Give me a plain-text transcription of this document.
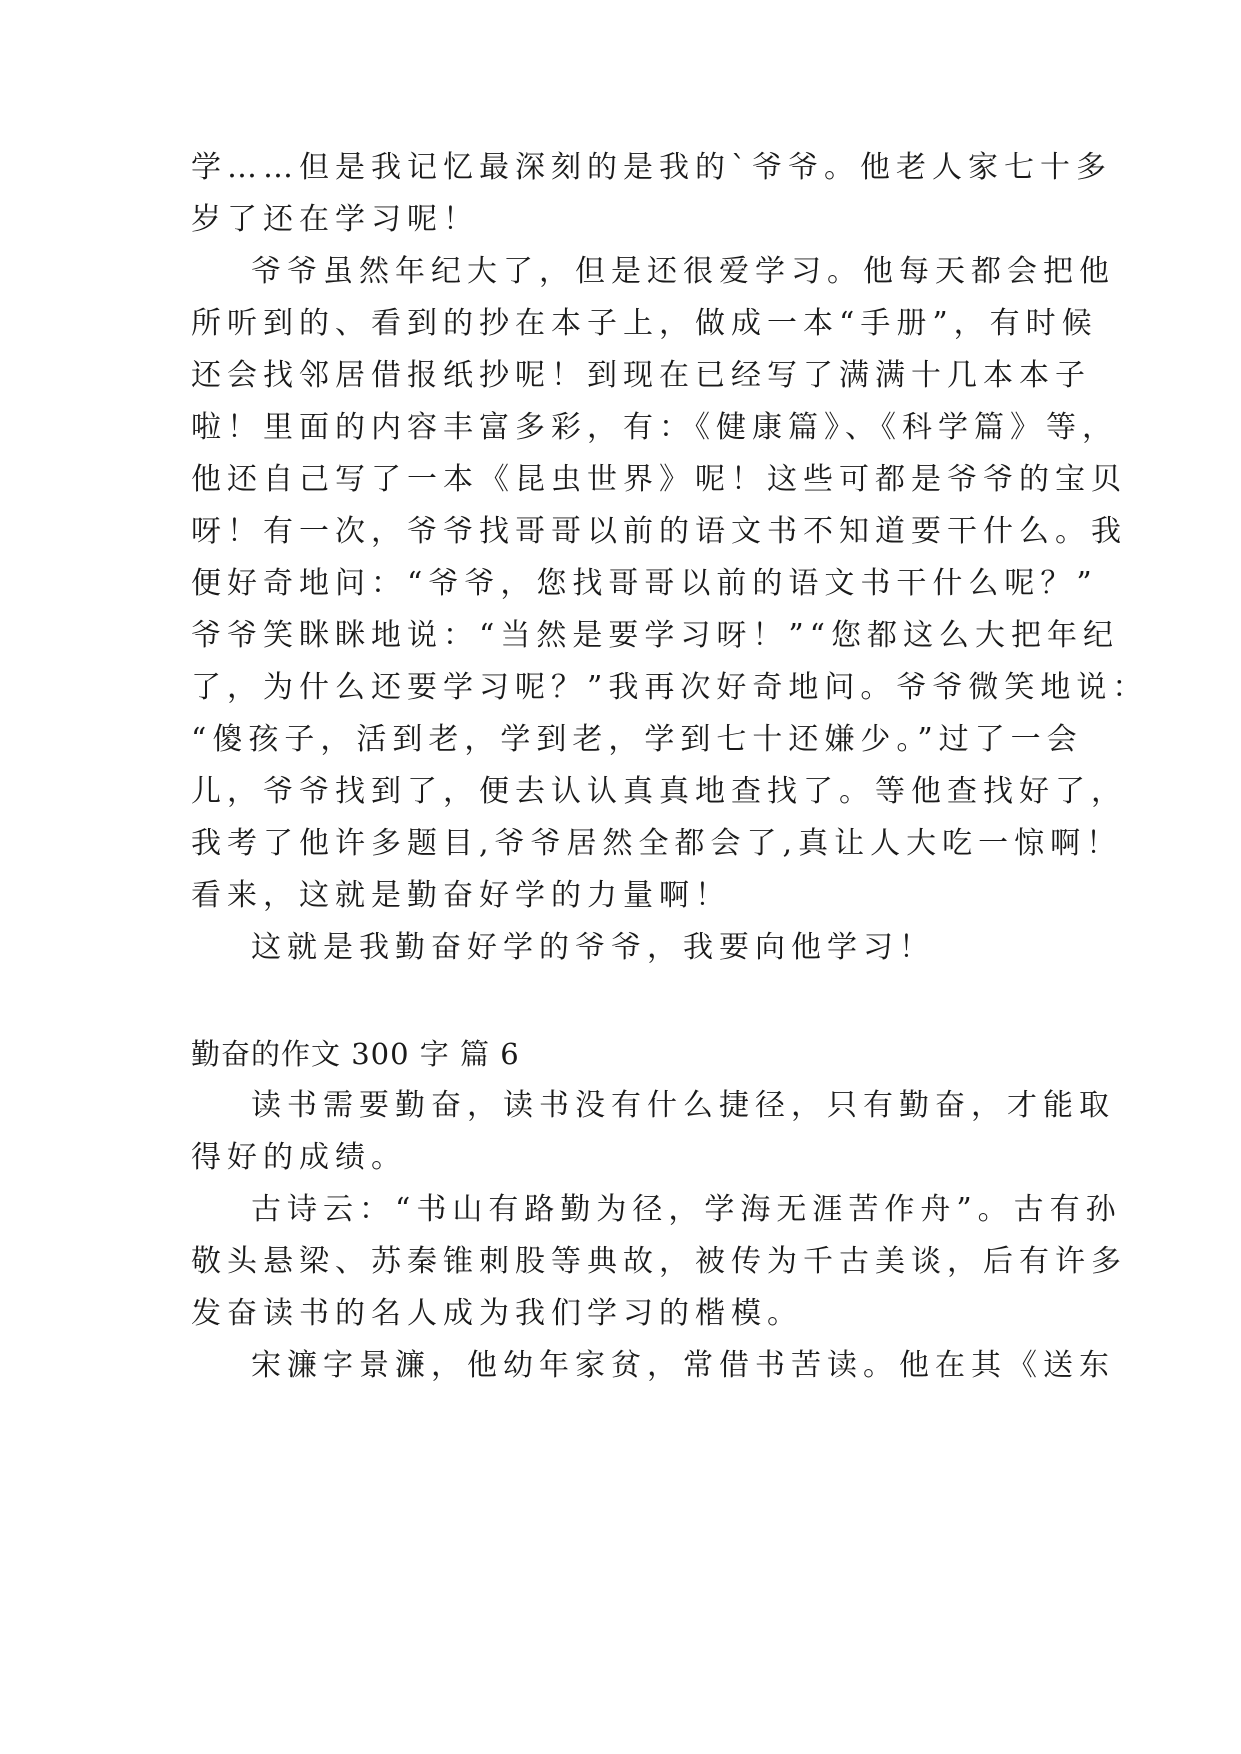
学……但是我记忆最深刻的是我的`爷爷。他老人家七十多

岁了还在学习呢！

爷爷虽然年纪大了，但是还很爱学习。他每天都会把他

所听到的、看到的抄在本子上，做成一本“手册”，有时候

还会找邻居借报纸抄呢！到现在已经写了满满十几本本子

啦！里面的内容丰富多彩，有：《健康篇》、《科学篇》等，

他还自己写了一本《昆虫世界》呢！这些可都是爷爷的宝贝

呀！有一次，爷爷找哥哥以前的语文书不知道要干什么。我

便好奇地问：“爷爷，您找哥哥以前的语文书干什么呢？”

爷爷笑眯眯地说：“当然是要学习呀！”“您都这么大把年纪

了，为什么还要学习呢？”我再次好奇地问。爷爷微笑地说：

“傻孩子，活到老，学到老，学到七十还嫌少。”过了一会

儿，爷爷找到了，便去认认真真地查找了。等他查找好了，

我考了他许多题目,爷爷居然全都会了,真让人大吃一惊啊！

看来，这就是勤奋好学的力量啊！

这就是我勤奋好学的爷爷，我要向他学习！

勤奋的作文 300 字 篇 6

读书需要勤奋，读书没有什么捷径，只有勤奋，才能取

得好的成绩。

古诗云：“书山有路勤为径，学海无涯苦作舟”。古有孙

敬头悬梁、苏秦锥刺股等典故，被传为千古美谈，后有许多

发奋读书的名人成为我们学习的楷模。

宋濂字景濂，他幼年家贫，常借书苦读。他在其《送东
